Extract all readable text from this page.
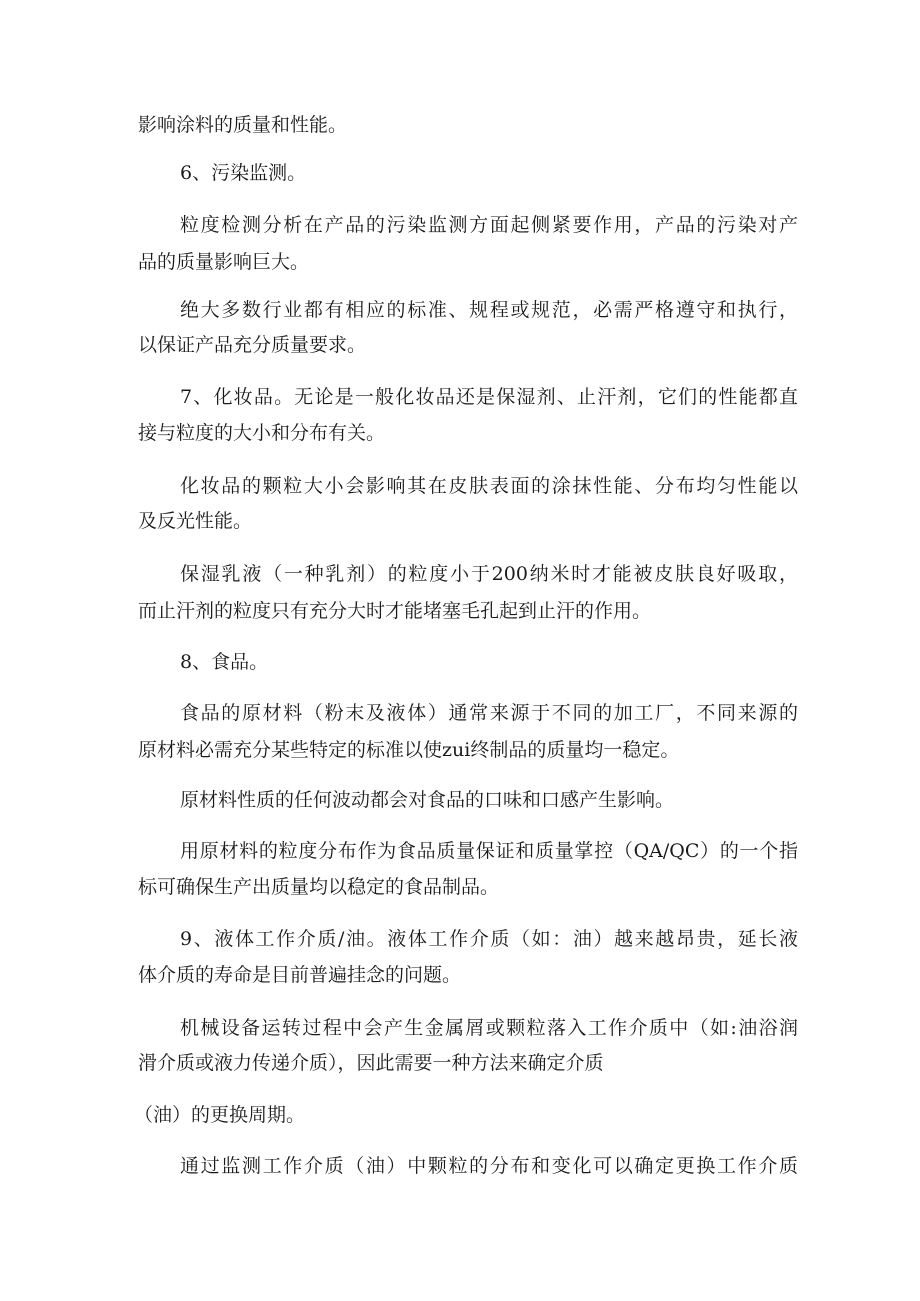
影响涂料的质量和性能。
6、污染监测。
粒度检测分析在产品的污染监测方面起侧紧要作用，产品的污染对产
品的质量影响巨大。
绝大多数行业都有相应的标准、规程或规范，必需严格遵守和执行，
以保证产品充分质量要求。
7、化妆品。无论是一般化妆品还是保湿剂、止汗剂，它们的性能都直
接与粒度的大小和分布有关。
化妆品的颗粒大小会影响其在皮肤表面的涂抹性能、分布均匀性能以
及反光性能。
保湿乳液（一种乳剂）的粒度小于200纳米时才能被皮肤良好吸取，
而止汗剂的粒度只有充分大时才能堵塞毛孔起到止汗的作用。
8、食品。
食品的原材料（粉末及液体）通常来源于不同的加工厂，不同来源的
原材料必需充分某些特定的标准以使zui终制品的质量均一稳定。
原材料性质的任何波动都会对食品的口味和口感产生影响。
用原材料的粒度分布作为食品质量保证和质量掌控（QA/QC）的一个指
标可确保生产出质量均以稳定的食品制品。
9、液体工作介质/油。液体工作介质（如：油）越来越昂贵，延长液
体介质的寿命是目前普遍挂念的问题。
机械设备运转过程中会产生金属屑或颗粒落入工作介质中（如:油浴润
滑介质或液力传递介质），因此需要一种方法来确定介质
（油）的更换周期。
通过监测工作介质（油）中颗粒的分布和变化可以确定更换工作介质
